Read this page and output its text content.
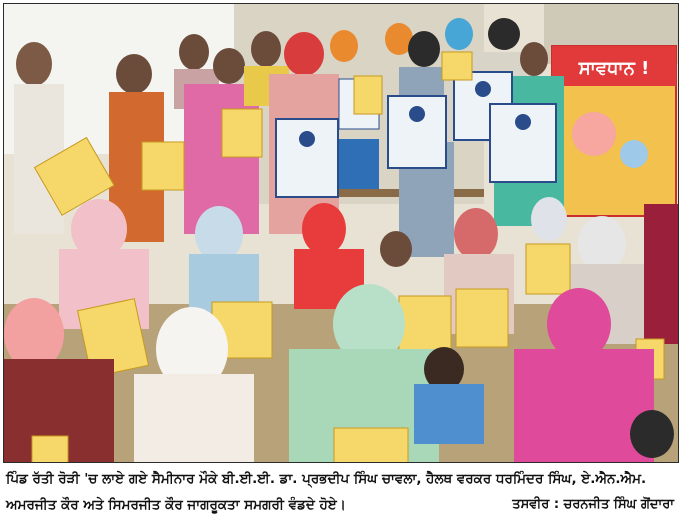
ਸਾਵਧਾਨ !
ਪਿੰਡ ਰੱਤੀ ਰੋੜੀ 'ਚ ਲਾਏ ਗਏ ਸੈਮੀਨਾਰ ਮੌਕੇ ਬੀ.ਈ.ਈ. ਡਾ. ਪ੍ਰਭਦੀਪ ਸਿੰਘ ਚਾਵਲਾ, ਹੈਲਥ ਵਰਕਰ ਧਰਮਿੰਦਰ ਸਿੰਘ, ਏ.ਐਨ.ਐਮ.
ਅਮਰਜੀਤ ਕੌਰ ਅਤੇ ਸਿਮਰਜੀਤ ਕੌਰ ਜਾਗਰੂਕਤਾ ਸਮਗਰੀ ਵੰਡਦੇ ਹੋਏ।	ਤਸਵੀਰ : ਚਰਨਜੀਤ ਸਿੰਘ ਗੋਂਦਾਰਾ
